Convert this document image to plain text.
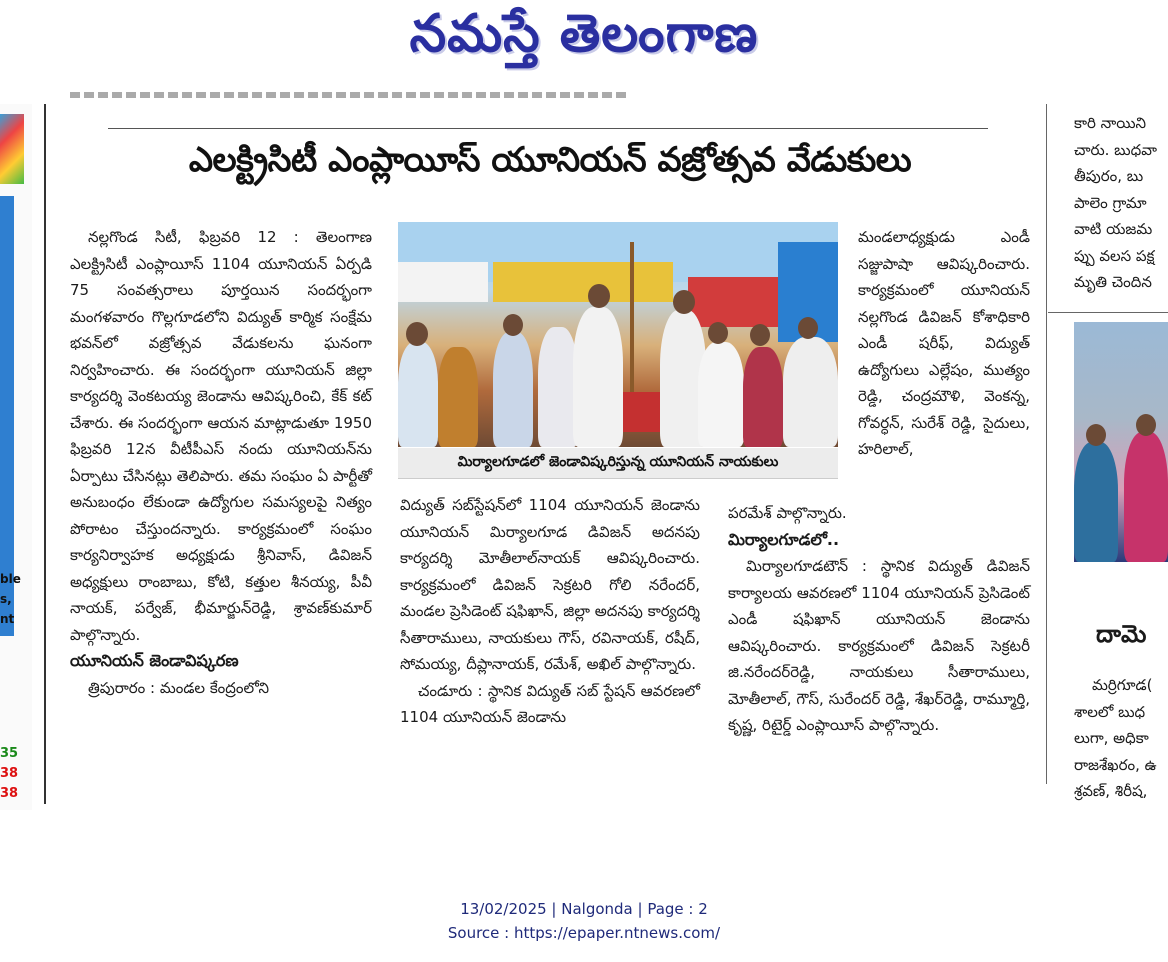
నమస్తే తెలంగాణ
ble
s,
nt
35
38
38
ఎలక్ట్రిసిటీ ఎంప్లాయీస్ యూనియన్ వజ్రోత్సవ వేడుకులు

నల్లగొండ సిటీ, ఫిబ్రవరి 12 : తెలంగాణ ఎలక్ట్రిసిటీ ఎంప్లాయీస్ 1104 యూనియన్ ఏర్పడి 75 సంవత్సరాలు పూర్తయిన సందర్భంగా మంగళవారం గొల్లగూడలోని విద్యుత్ కార్మిక సంక్షేమ భవన్‌లో వజ్రోత్సవ వేడుకలను ఘనంగా నిర్వహించారు. ఈ సందర్భంగా యూనియన్ జిల్లా కార్యదర్శి వెంకటయ్య జెండాను ఆవిష్కరించి, కేక్ కట్ చేశారు. ఈ సందర్భంగా ఆయన మాట్లాడుతూ 1950 ఫిబ్రవరి 12న వీటీపీఎస్ నందు యూనియన్‌ను ఏర్పాటు చేసినట్లు తెలిపారు. తమ సంఘం ఏ పార్టీతో అనుబంధం లేకుండా ఉద్యోగుల సమస్యలపై నిత్యం పోరాటం చేస్తుందన్నారు. కార్యక్రమంలో సంఘం కార్యనిర్వాహక అధ్యక్షుడు శ్రీనివాస్, డివిజన్ అధ్యక్షులు రాంబాబు, కోటి, కత్తుల శీనయ్య, పీవీ నాయక్, పర్వేజ్, భీమార్జున్‌రెడ్డి, శ్రావణ్‌కుమార్ పాల్గొన్నారు.

యూనియన్ జెండావిష్కరణ

త్రిపురారం : మండల కేంద్రంలోని

మిర్యాలగూడలో జెండావిష్కరిస్తున్న యూనియన్ నాయకులు

విద్యుత్ సబ్‌స్టేషన్‌లో 1104 యూనియన్ జెండాను యూనియన్ మిర్యాలగూడ డివిజన్ అదనపు కార్యదర్శి మోతీలాల్‌నాయక్ ఆవిష్కరించారు. కార్యక్రమంలో డివిజన్ సెక్రటరి గోలి నరేందర్, మండల ప్రెసిడెంట్ షఫిఖాన్, జిల్లా అదనపు కార్యదర్శి సీతారాములు, నాయకులు గౌస్, రవినాయక్, రషీద్, సోమయ్య, దీప్లానాయక్, రమేశ్, అఖిల్ పాల్గొన్నారు.

చండూరు : స్థానిక విద్యుత్ సబ్ స్టేషన్ ఆవరణలో 1104 యూనియన్ జెండాను

మండలాధ్యక్షుడు ఎండీ సజ్జుపాషా ఆవిష్కరించారు. కార్యక్రమంలో యూనియన్ నల్లగొండ డివిజన్ కోశాధికారి ఎండీ షరీఫ్, విద్యుత్ ఉద్యోగులు ఎల్లేషం, ముత్యం రెడ్డి, చంద్రమౌళి, వెంకన్న, గోవర్ధన్, సురేశ్ రెడ్డి, సైదులు, హరిలాల్,

పరమేశ్ పాల్గొన్నారు.

మిర్యాలగూడలో..

మిర్యాలగూడటౌన్ : స్థానిక విద్యుత్ డివిజన్ కార్యాలయ ఆవరణలో 1104 యూనియన్ ప్రెసిడెంట్ ఎండీ షఫిఖాన్ యూనియన్ జెండాను ఆవిష్కరించారు. కార్యక్రమంలో డివిజన్ సెక్రటరీ జి.నరేందర్‌రెడ్డి, నాయకులు సీతారాములు, మోతీలాల్, గౌస్, సురేందర్ రెడ్డి, శేఖర్‌రెడ్డి, రామ్మూర్తి, కృష్ణ, రిటైర్డ్ ఎంప్లాయీస్ పాల్గొన్నారు.

కారి నాయిని
చారు. బుధవా
తీపురం, బు
పాలెం గ్రామా
వాటి యజమ
ప్పు వలస పక్ష
మృతి చెందిన
దామె
మర్రిగూడ(
శాలలో బుధ
లుగా, అధికా
రాజశేఖరం, ఉ
శ్రవణ్, శిరీష,
13/02/2025 | Nalgonda | Page : 2
Source : https://epaper.ntnews.com/
